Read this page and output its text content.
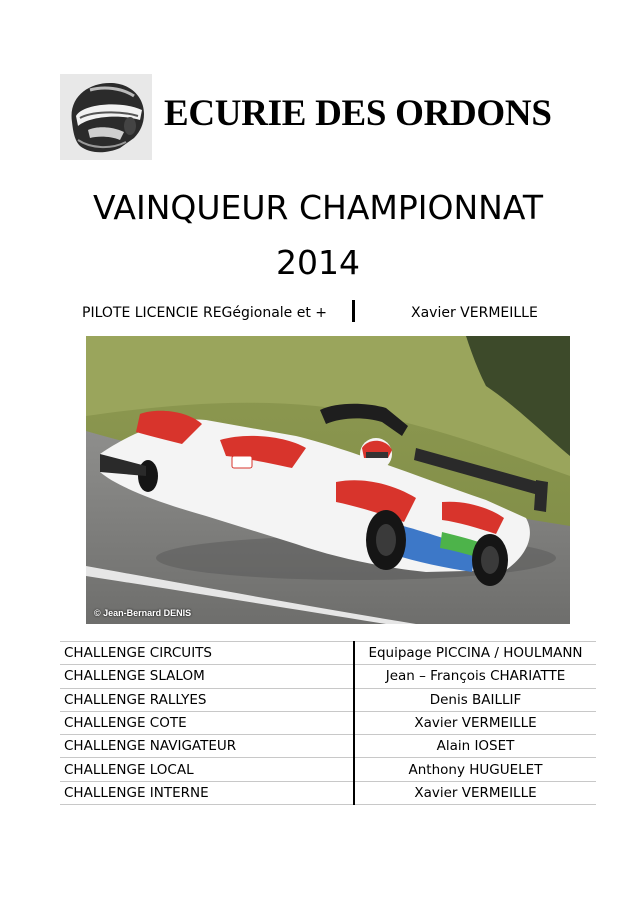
ECURIE DES ORDONS
VAINQUEUR CHAMPIONNAT
2014
PILOTE LICENCIE REGégionale et +	Xavier VERMEILLE
© Jean-Bernard DENIS
CHALLENGE CIRCUITS	Equipage PICCINA / HOULMANN
CHALLENGE SLALOM	Jean – François CHARIATTE
CHALLENGE RALLYES	Denis BAILLIF
CHALLENGE COTE	Xavier VERMEILLE
CHALLENGE NAVIGATEUR	Alain IOSET
CHALLENGE LOCAL	Anthony HUGUELET
CHALLENGE INTERNE	Xavier VERMEILLE
